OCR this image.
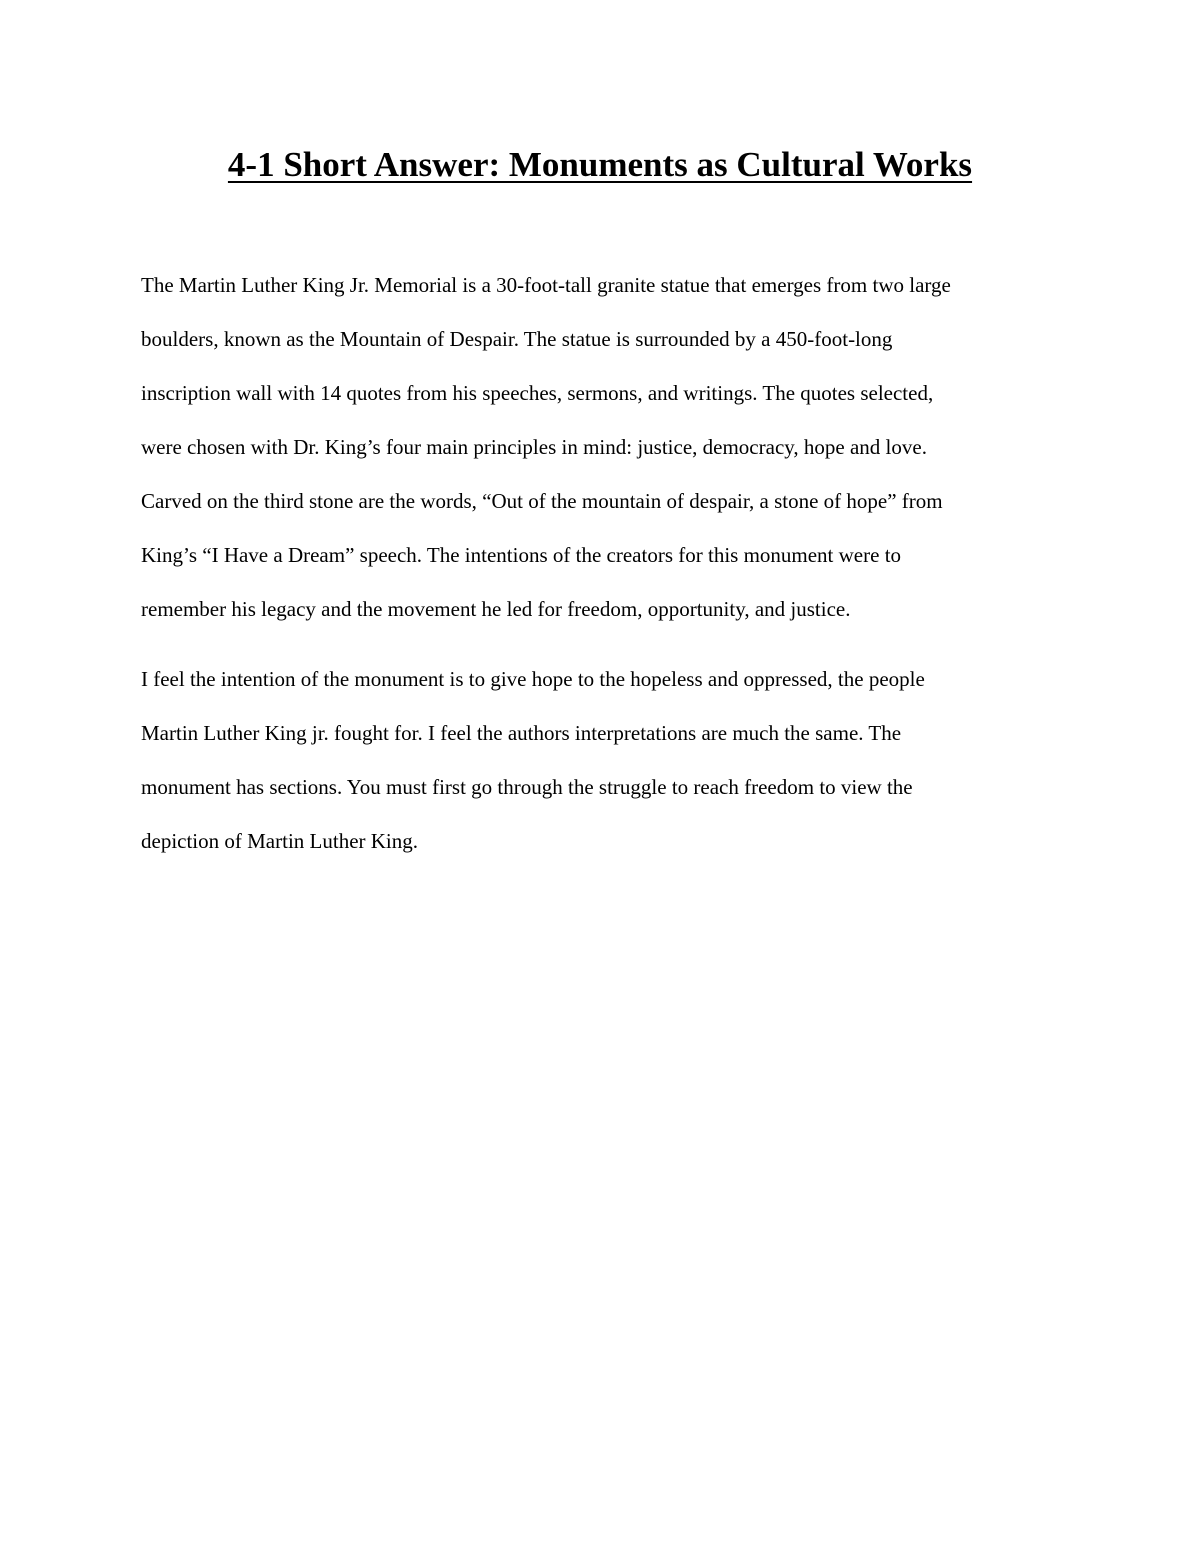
4-1 Short Answer: Monuments as Cultural Works

The Martin Luther King Jr. Memorial is a 30-foot-tall granite statue that emerges from two large
boulders, known as the Mountain of Despair. The statue is surrounded by a 450-foot-long
inscription wall with 14 quotes from his speeches, sermons, and writings. The quotes selected,
were chosen with Dr. King’s four main principles in mind: justice, democracy, hope and love.
Carved on the third stone are the words, “Out of the mountain of despair, a stone of hope” from
King’s “I Have a Dream” speech. The intentions of the creators for this monument were to
remember his legacy and the movement he led for freedom, opportunity, and justice.

I feel the intention of the monument is to give hope to the hopeless and oppressed, the people
Martin Luther King jr. fought for. I feel the authors interpretations are much the same. The
monument has sections. You must first go through the struggle to reach freedom to view the
depiction of Martin Luther King.
